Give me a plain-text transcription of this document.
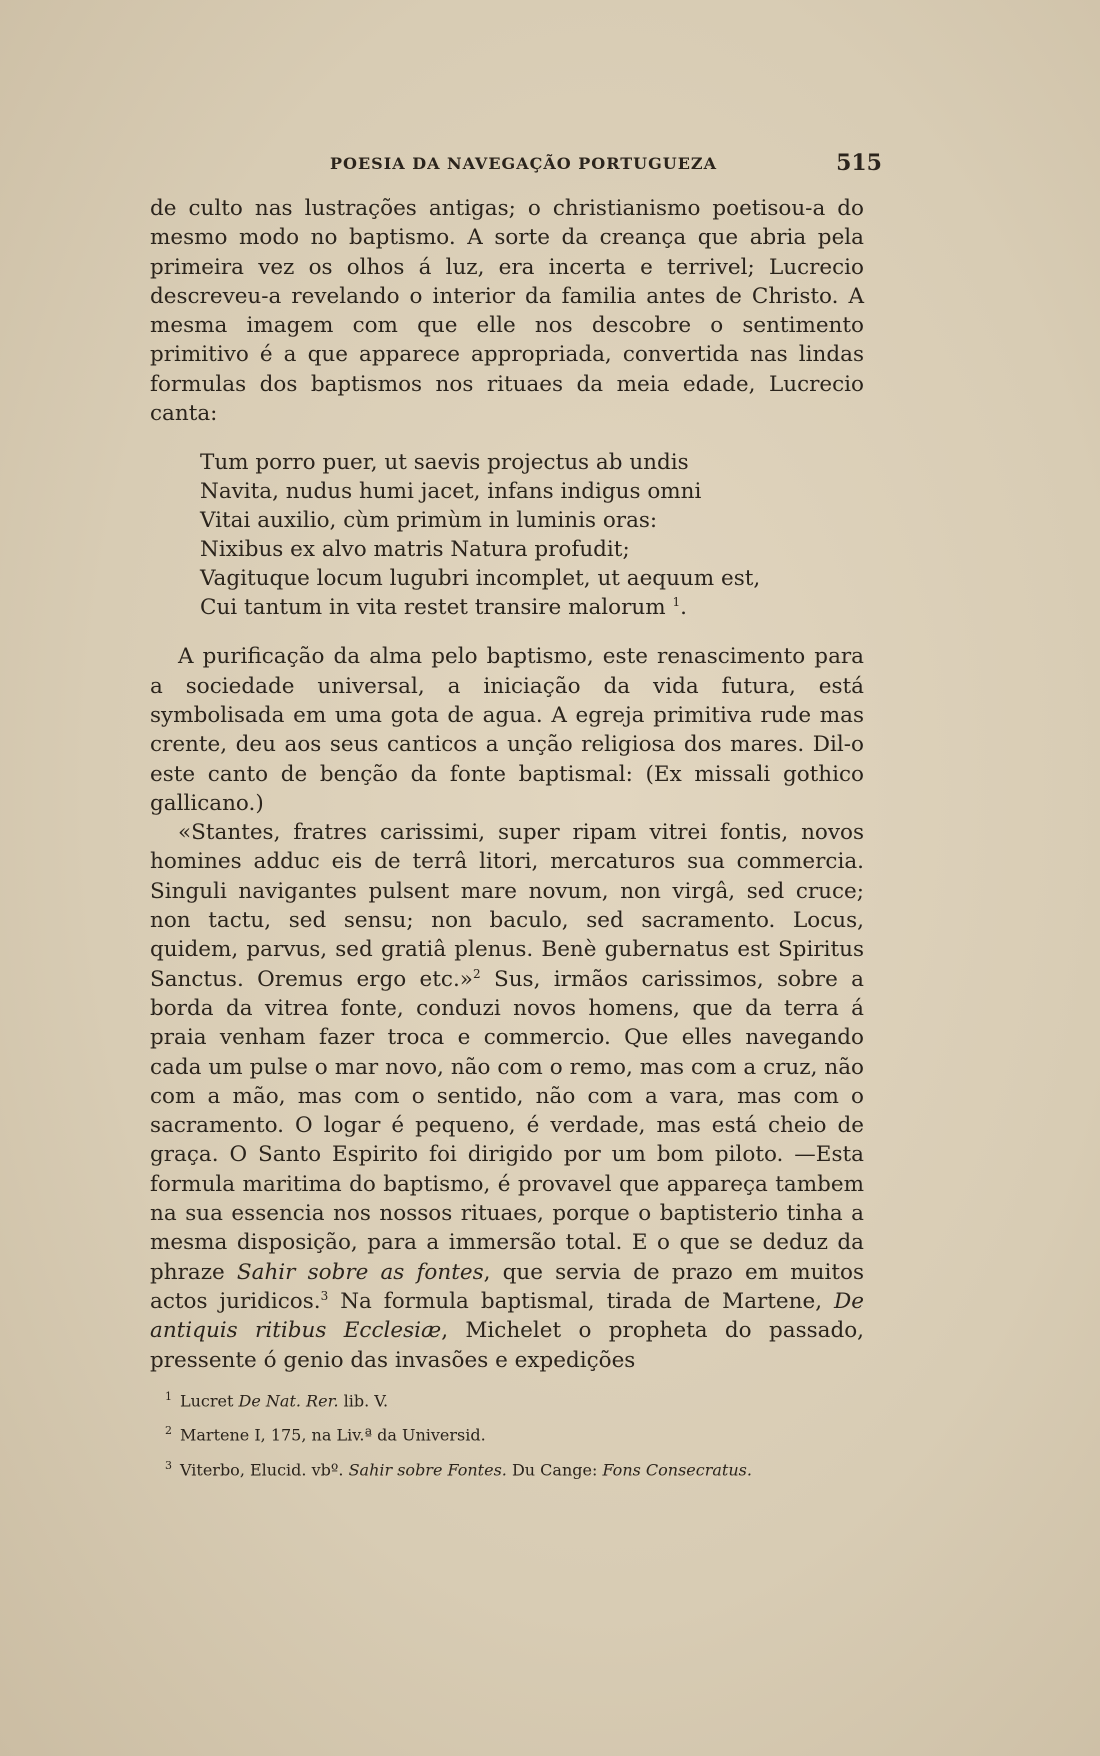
POESIA DA NAVEGAÇÃO PORTUGUEZA	515

de culto nas lustrações antigas; o christianismo poetisou-a do mesmo modo no baptismo. A sorte da creança que abria pela primeira vez os olhos á luz, era incerta e terrivel; Lucrecio descreveu-a revelando o interior da familia antes de Christo. A mesma imagem com que elle nos descobre o sentimento primitivo é a que apparece appropriada, convertida nas lindas formulas dos baptismos nos rituaes da meia edade, Lucrecio canta:

Tum porro puer, ut saevis projectus ab undis
Navita, nudus humi jacet, infans indigus omni
Vitai auxilio, cùm primùm in luminis oras:
Nixibus ex alvo matris Natura profudit;
Vagituque locum lugubri incomplet, ut aequum est,
Cui tantum in vita restet transire malorum $^1$.

A purificação da alma pelo baptismo, este renascimento para a sociedade universal, a iniciação da vida futura, está symbolisada em uma gota de agua. A egreja primitiva rude mas crente, deu aos seus canticos a unção religiosa dos mares. Dil-o este canto de benção da fonte baptismal: (Ex missali gothico gallicano.)

«Stantes, fratres carissimi, super ripam vitrei fontis, novos homines adduc eis de terrâ litori, mercaturos sua commercia. Singuli navigantes pulsent mare novum, non virgâ, sed cruce; non tactu, sed sensu; non baculo, sed sacramento. Locus, quidem, parvus, sed gratiâ plenus. Benè gubernatus est Spiritus Sanctus. Oremus ergo etc.»$^2$ Sus, irmãos carissimos, sobre a borda da vitrea fonte, conduzi novos homens, que da terra á praia venham fazer troca e commercio. Que elles navegando cada um pulse o mar novo, não com o remo, mas com a cruz, não com a mão, mas com o sentido, não com a vara, mas com o sacramento. O logar é pequeno, é verdade, mas está cheio de graça. O Santo Espirito foi dirigido por um bom piloto. —Esta formula maritima do baptismo, é provavel que appareça tambem na sua essencia nos nossos rituaes, porque o baptisterio tinha a mesma disposição, para a immersão total. E o que se deduz da phraze Sahir sobre as fontes, que servia de prazo em muitos actos juridicos.$^3$ Na formula baptismal, tirada de Martene, De antiquis ritibus Ecclesiæ, Michelet o propheta do passado, pressente ó genio das invasões e expedições

$^1$ Lucret De Nat. Rer. lib. V.
$^2$ Martene I, 175, na Liv.ª da Universid.
$^3$ Viterbo, Elucid. vbº. Sahir sobre Fontes. Du Cange: Fons Consecratus.
